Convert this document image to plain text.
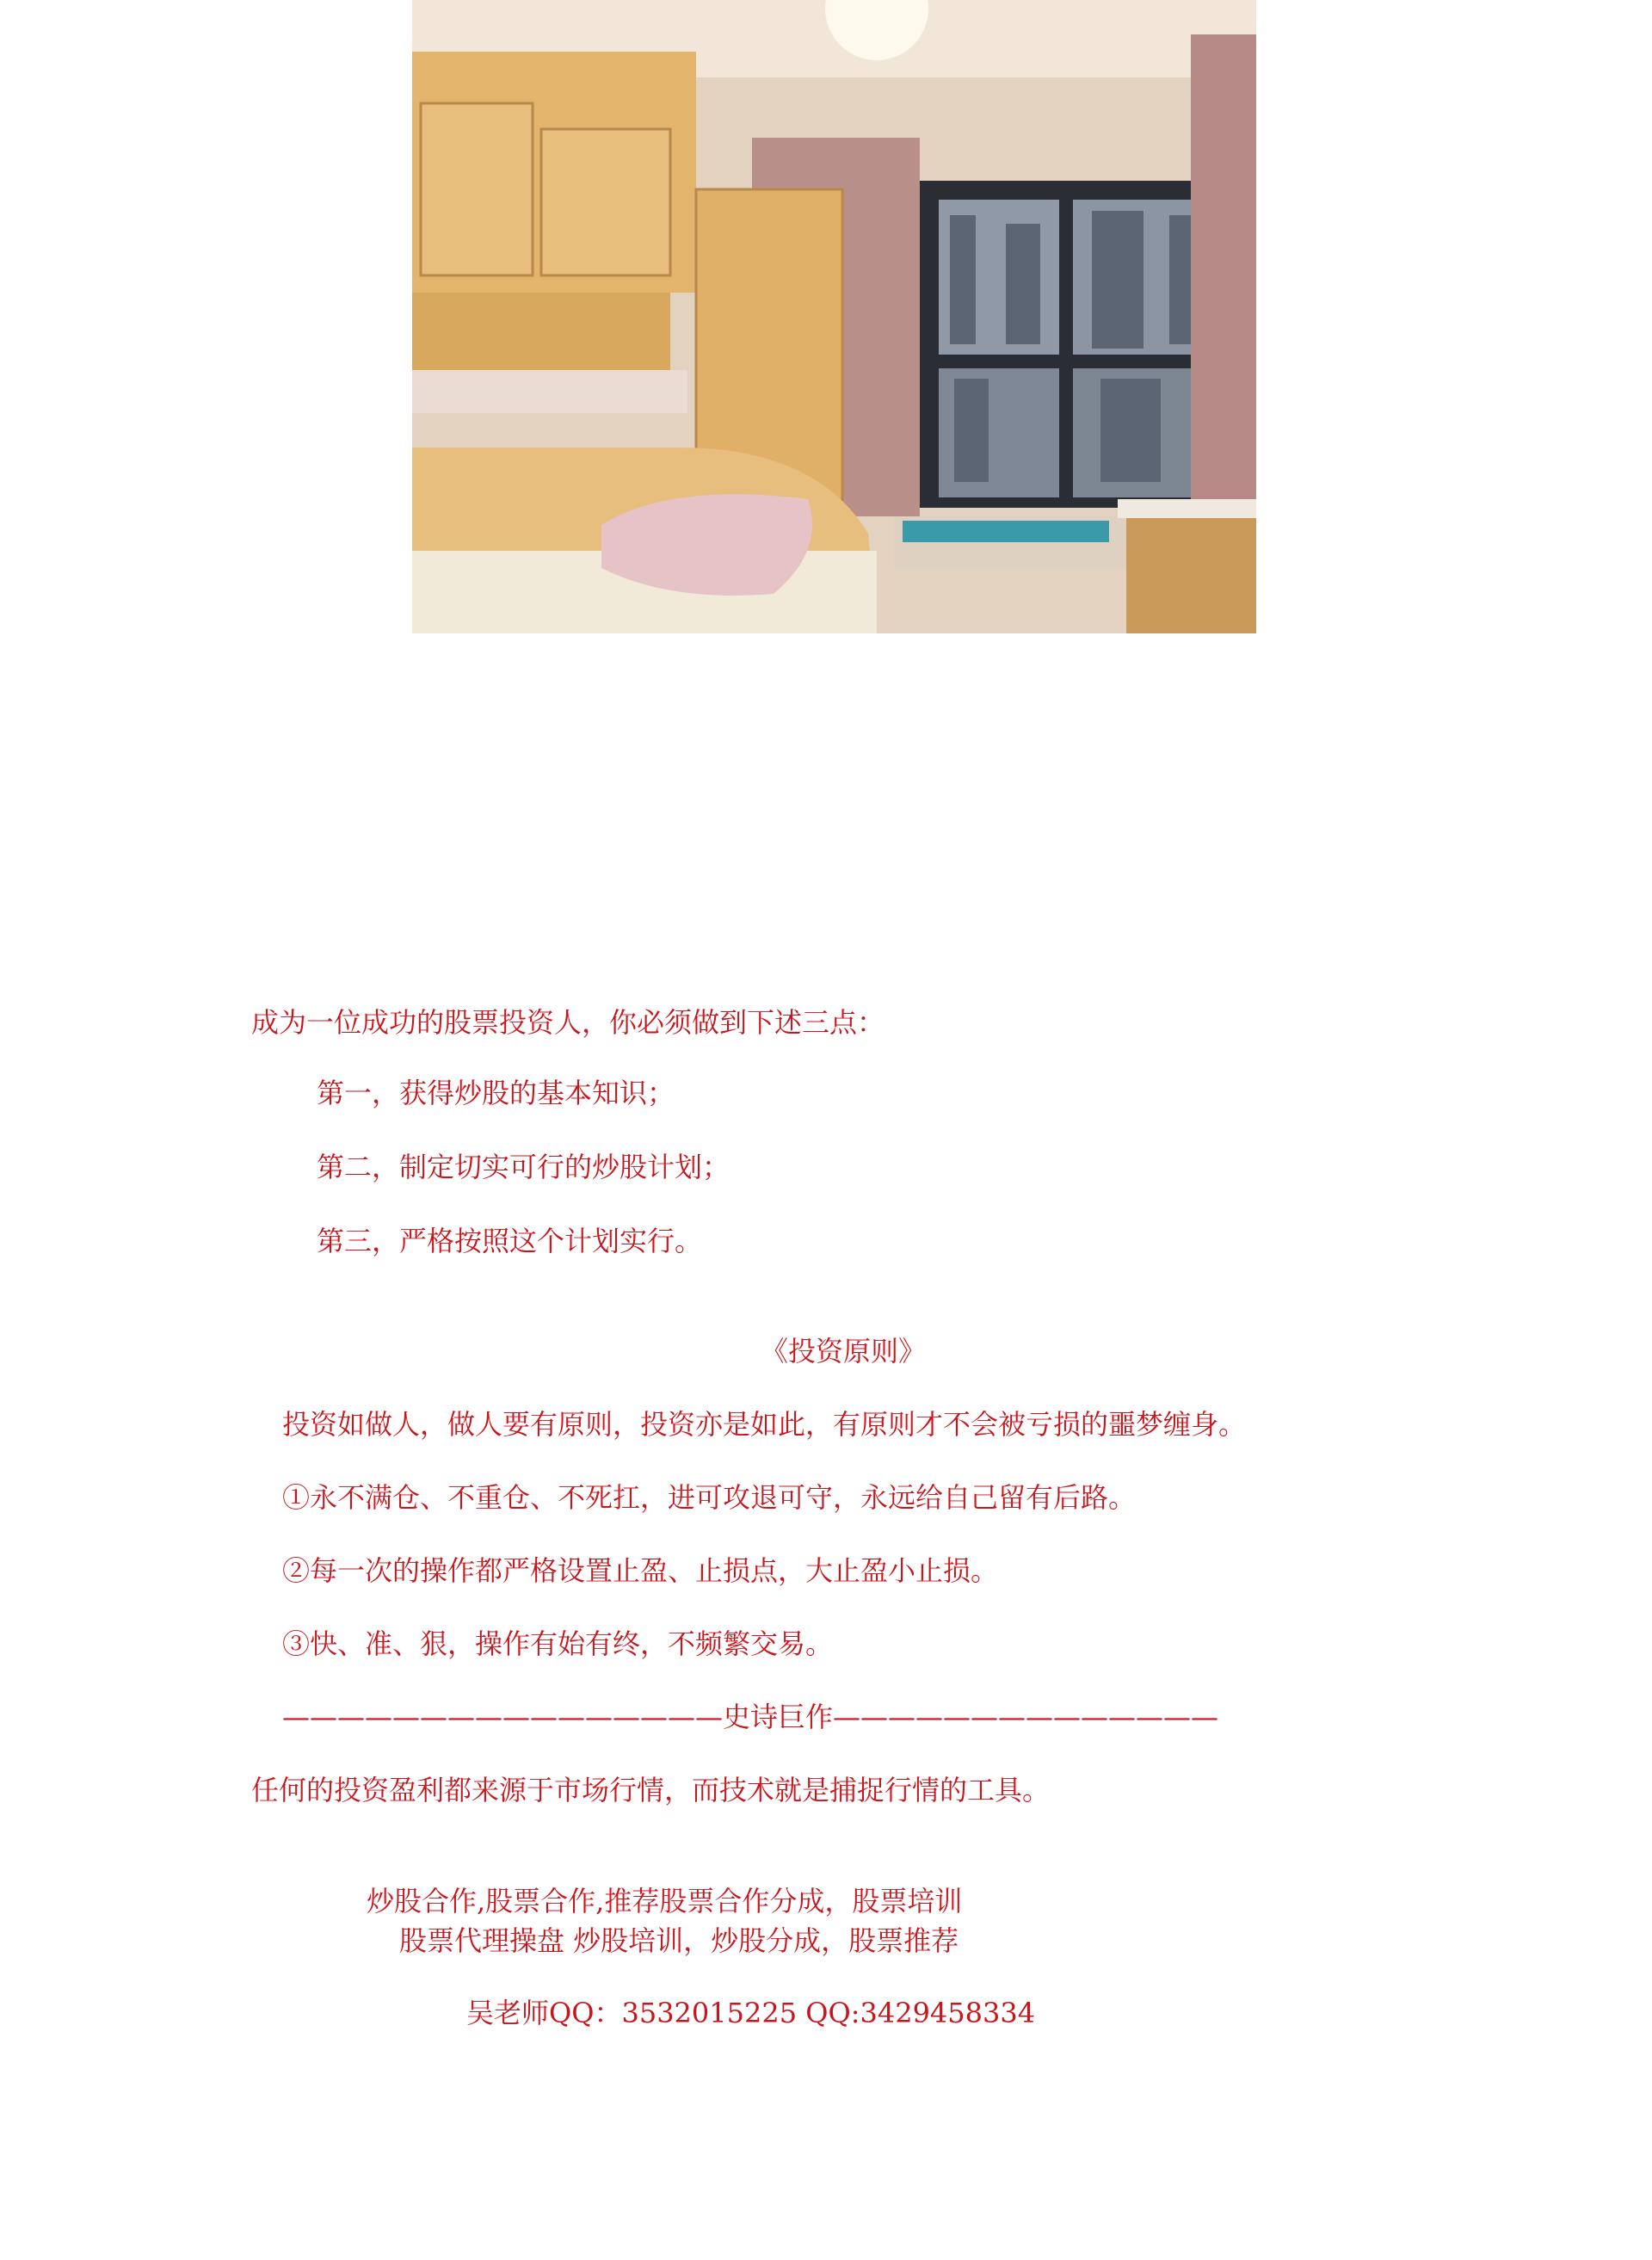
成为一位成功的股票投资人，你必须做到下述三点：
第一，获得炒股的基本知识；
第二，制定切实可行的炒股计划；
第三，严格按照这个计划实行。
《投资原则》
投资如做人，做人要有原则，投资亦是如此，有原则才不会被亏损的噩梦缠身。
①永不满仓、不重仓、不死扛，进可攻退可守，永远给自己留有后路。
②每一次的操作都严格设置止盈、止损点，大止盈小止损。
③快、准、狠，操作有始有终，不频繁交易。
————————————————史诗巨作——————————————
任何的投资盈利都来源于市场行情，而技术就是捕捉行情的工具。
炒股合作,股票合作,推荐股票合作分成，股票培训
股票代理操盘 炒股培训，炒股分成，股票推荐
吴老师QQ：3532015225 QQ:3429458334
